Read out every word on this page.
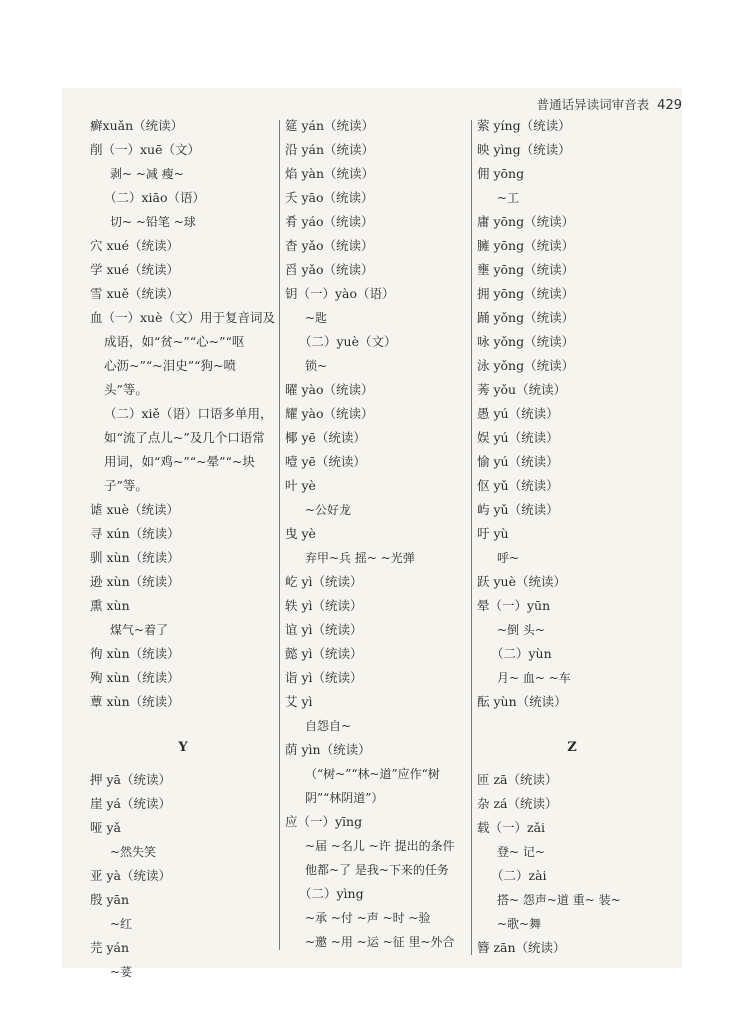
普通话异读词审音表 429
癣xuǎn（统读）
削（一）xuē（文）
剥~ ~减 瘦~
（二）xiāo（语）
切~ ~铅笔 ~球
穴 xué（统读）
学 xué（统读）
雪 xuě（统读）
血（一）xuè（文）用于复音词及
成语，如“贫~”“心~”“呕
心沥~”“~泪史”“狗~喷
头”等。
（二）xiě（语）口语多单用，
如“流了点儿~”及几个口语常
用词，如“鸡~”“~晕”“~块
子”等。
谑 xuè（统读）
寻 xún（统读）
驯 xùn（统读）
逊 xùn（统读）
熏 xùn
煤气~着了
徇 xùn（统读）
殉 xùn（统读）
蕈 xùn（统读）
Y
押 yā（统读）
崖 yá（统读）
哑 yǎ
~然失笑
亚 yà（统读）
殷 yān
~红
芫 yán
~荽
筵 yán（统读）
沿 yán（统读）
焰 yàn（统读）
夭 yāo（统读）
肴 yáo（统读）
杳 yǎo（统读）
舀 yǎo（统读）
钥（一）yào（语）
~匙
（二）yuè（文）
锁~
曜 yào（统读）
耀 yào（统读）
椰 yē（统读）
噎 yē（统读）
叶 yè
~公好龙
曳 yè
弃甲~兵 摇~ ~光弹
屹 yì（统读）
轶 yì（统读）
谊 yì（统读）
懿 yì（统读）
诣 yì（统读）
艾 yì
自怨自~
荫 yìn（统读）
（“树~”“林~道”应作“树
阴”“林阴道”）
应（一）yīng
~届 ~名儿 ~许 提出的条件
他都~了 是我~下来的任务
（二）yìng
~承 ~付 ~声 ~时 ~验
~邀 ~用 ~运 ~征 里~外合
萦 yíng（统读）
映 yìng（统读）
佣 yōng
~工
庸 yōng（统读）
臃 yōng（统读）
壅 yōng（统读）
拥 yōng（统读）
踊 yǒng（统读）
咏 yǒng（统读）
泳 yǒng（统读）
莠 yǒu（统读）
愚 yú（统读）
娱 yú（统读）
愉 yú（统读）
伛 yǔ（统读）
屿 yǔ（统读）
吁 yù
呼~
跃 yuè（统读）
晕（一）yūn
~倒 头~
（二）yùn
月~ 血~ ~车
酝 yùn（统读）
Z
匝 zā（统读）
杂 zá（统读）
载（一）zǎi
登~ 记~
（二）zài
搭~ 怨声~道 重~ 装~
~歌~舞
簪 zān（统读）
